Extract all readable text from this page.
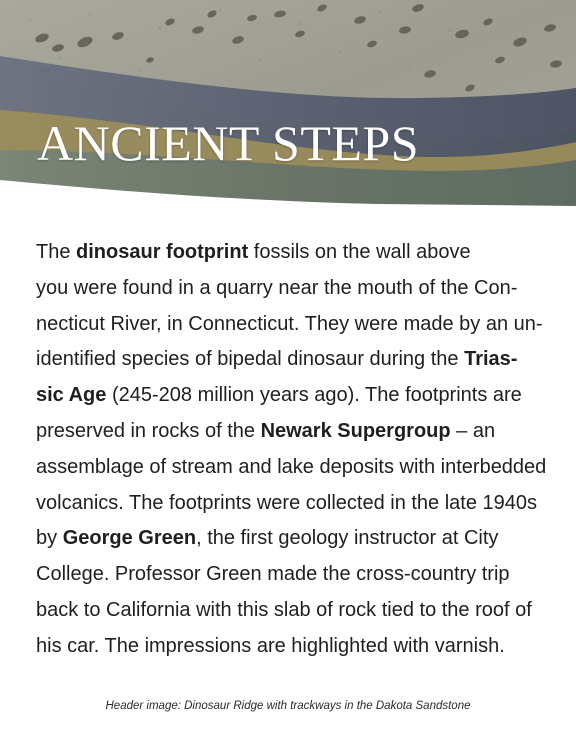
ANCIENT STEPS

The dinosaur footprint fossils on the wall above
you were found in a quarry near the mouth of the Con-
necticut River, in Connecticut. They were made by an un-
identified species of bipedal dinosaur during the Trias-
sic Age (245-208 million years ago). The footprints are
preserved in rocks of the Newark Supergroup – an
assemblage of stream and lake deposits with interbedded
volcanics. The footprints were collected in the late 1940s
by George Green, the first geology instructor at City
College. Professor Green made the cross-country trip
back to California with this slab of rock tied to the roof of
his car. The impressions are highlighted with varnish.

Header image: Dinosaur Ridge with trackways in the Dakota Sandstone
